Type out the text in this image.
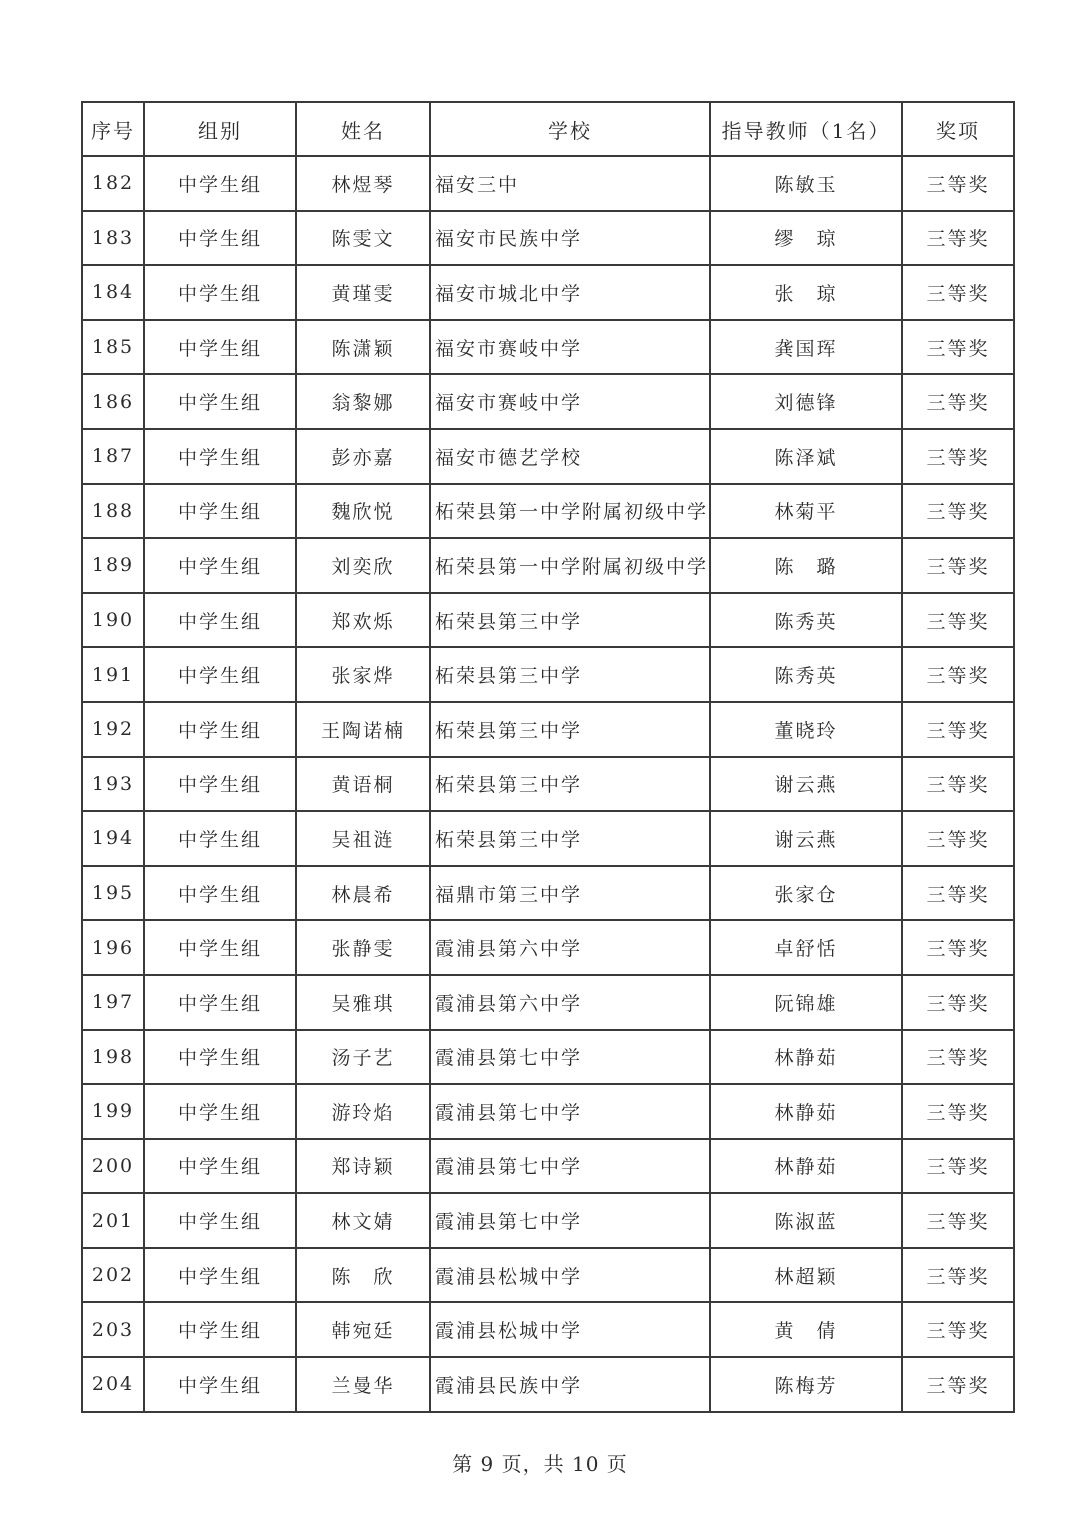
序号	组别	姓名	学校	指导教师（1名）	奖项
182	中学生组	林煜琴	福安三中	陈敏玉	三等奖
183	中学生组	陈雯文	福安市民族中学	缪　琼	三等奖
184	中学生组	黄瑾雯	福安市城北中学	张　琼	三等奖
185	中学生组	陈潇颖	福安市赛岐中学	龚国珲	三等奖
186	中学生组	翁黎娜	福安市赛岐中学	刘德锋	三等奖
187	中学生组	彭亦嘉	福安市德艺学校	陈泽斌	三等奖
188	中学生组	魏欣悦	柘荣县第一中学附属初级中学	林菊平	三等奖
189	中学生组	刘奕欣	柘荣县第一中学附属初级中学	陈　璐	三等奖
190	中学生组	郑欢烁	柘荣县第三中学	陈秀英	三等奖
191	中学生组	张家烨	柘荣县第三中学	陈秀英	三等奖
192	中学生组	王陶诺楠	柘荣县第三中学	董晓玲	三等奖
193	中学生组	黄语桐	柘荣县第三中学	谢云燕	三等奖
194	中学生组	吴祖涟	柘荣县第三中学	谢云燕	三等奖
195	中学生组	林晨希	福鼎市第三中学	张家仓	三等奖
196	中学生组	张静雯	霞浦县第六中学	卓舒恬	三等奖
197	中学生组	吴雅琪	霞浦县第六中学	阮锦雄	三等奖
198	中学生组	汤子艺	霞浦县第七中学	林静茹	三等奖
199	中学生组	游玲焰	霞浦县第七中学	林静茹	三等奖
200	中学生组	郑诗颖	霞浦县第七中学	林静茹	三等奖
201	中学生组	林文婧	霞浦县第七中学	陈淑蓝	三等奖
202	中学生组	陈　欣	霞浦县松城中学	林超颖	三等奖
203	中学生组	韩宛廷	霞浦县松城中学	黄　倩	三等奖
204	中学生组	兰曼华	霞浦县民族中学	陈梅芳	三等奖
第 9 页，共 10 页
